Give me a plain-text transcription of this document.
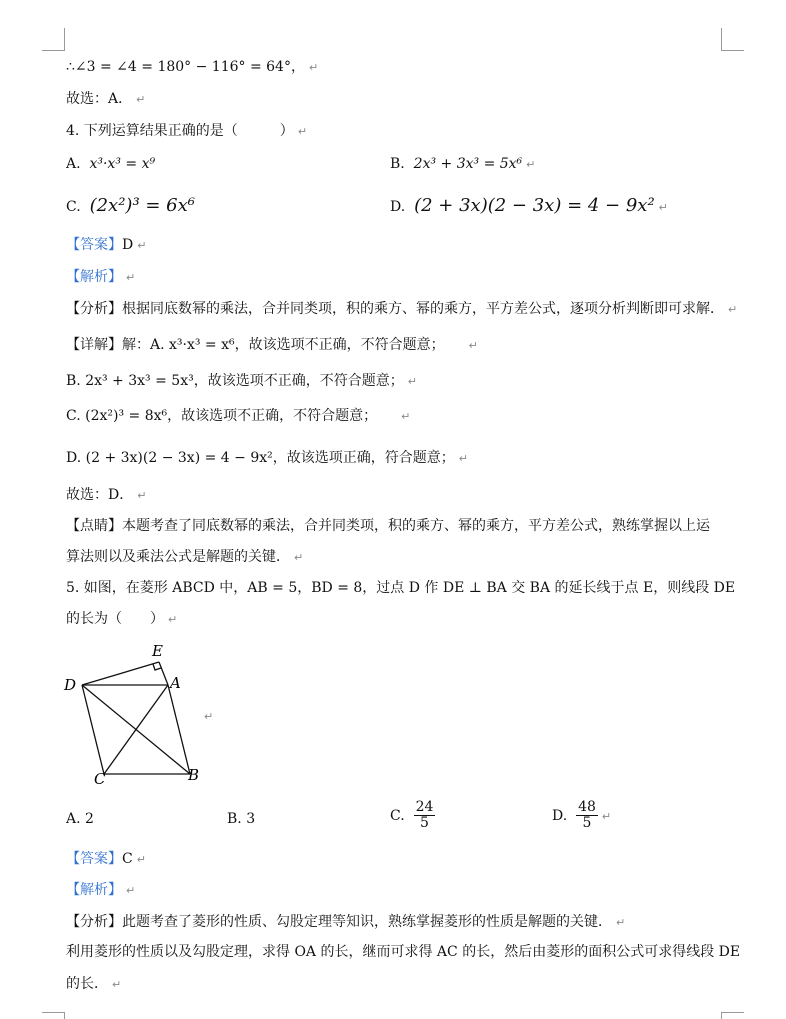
∴∠3 = ∠4 = 180° − 116° = 64°， ↵
故选：A． ↵
4. 下列运算结果正确的是（　　　） ↵
A. x³·x³ = x⁹	B. 2x³ + 3x³ = 5x⁶ ↵
C. (2x²)³ = 6x⁶	D. (2 + 3x)(2 − 3x) = 4 − 9x² ↵
【答案】D ↵
【解析】 ↵
【分析】根据同底数幂的乘法，合并同类项，积的乘方、幂的乘方，平方差公式，逐项分析判断即可求解． ↵
【详解】解：A. x³·x³ = x⁶，故该选项不正确，不符合题意； ↵
B. 2x³ + 3x³ = 5x³，故该选项不正确，不符合题意； ↵
C. (2x²)³ = 8x⁶，故该选项不正确，不符合题意； ↵
D. (2 + 3x)(2 − 3x) = 4 − 9x²，故该选项正确，符合题意； ↵
故选：D． ↵
【点睛】本题考查了同底数幂的乘法，合并同类项，积的乘方、幂的乘方，平方差公式，熟练掌握以上运
算法则以及乘法公式是解题的关键． ↵
5. 如图，在菱形 ABCD 中，AB = 5，BD = 8，过点 D 作 DE ⊥ BA 交 BA 的延长线于点 E，则线段 DE
的长为（　　） ↵
D	A
E
C	B
↵
A. 2	B. 3	C. $\frac{24}{5}$	D. $\frac{48}{5}$ ↵
【答案】C ↵
【解析】 ↵
【分析】此题考查了菱形的性质、勾股定理等知识，熟练掌握菱形的性质是解题的关键． ↵
利用菱形的性质以及勾股定理，求得 OA 的长，继而可求得 AC 的长，然后由菱形的面积公式可求得线段 DE
的长． ↵
